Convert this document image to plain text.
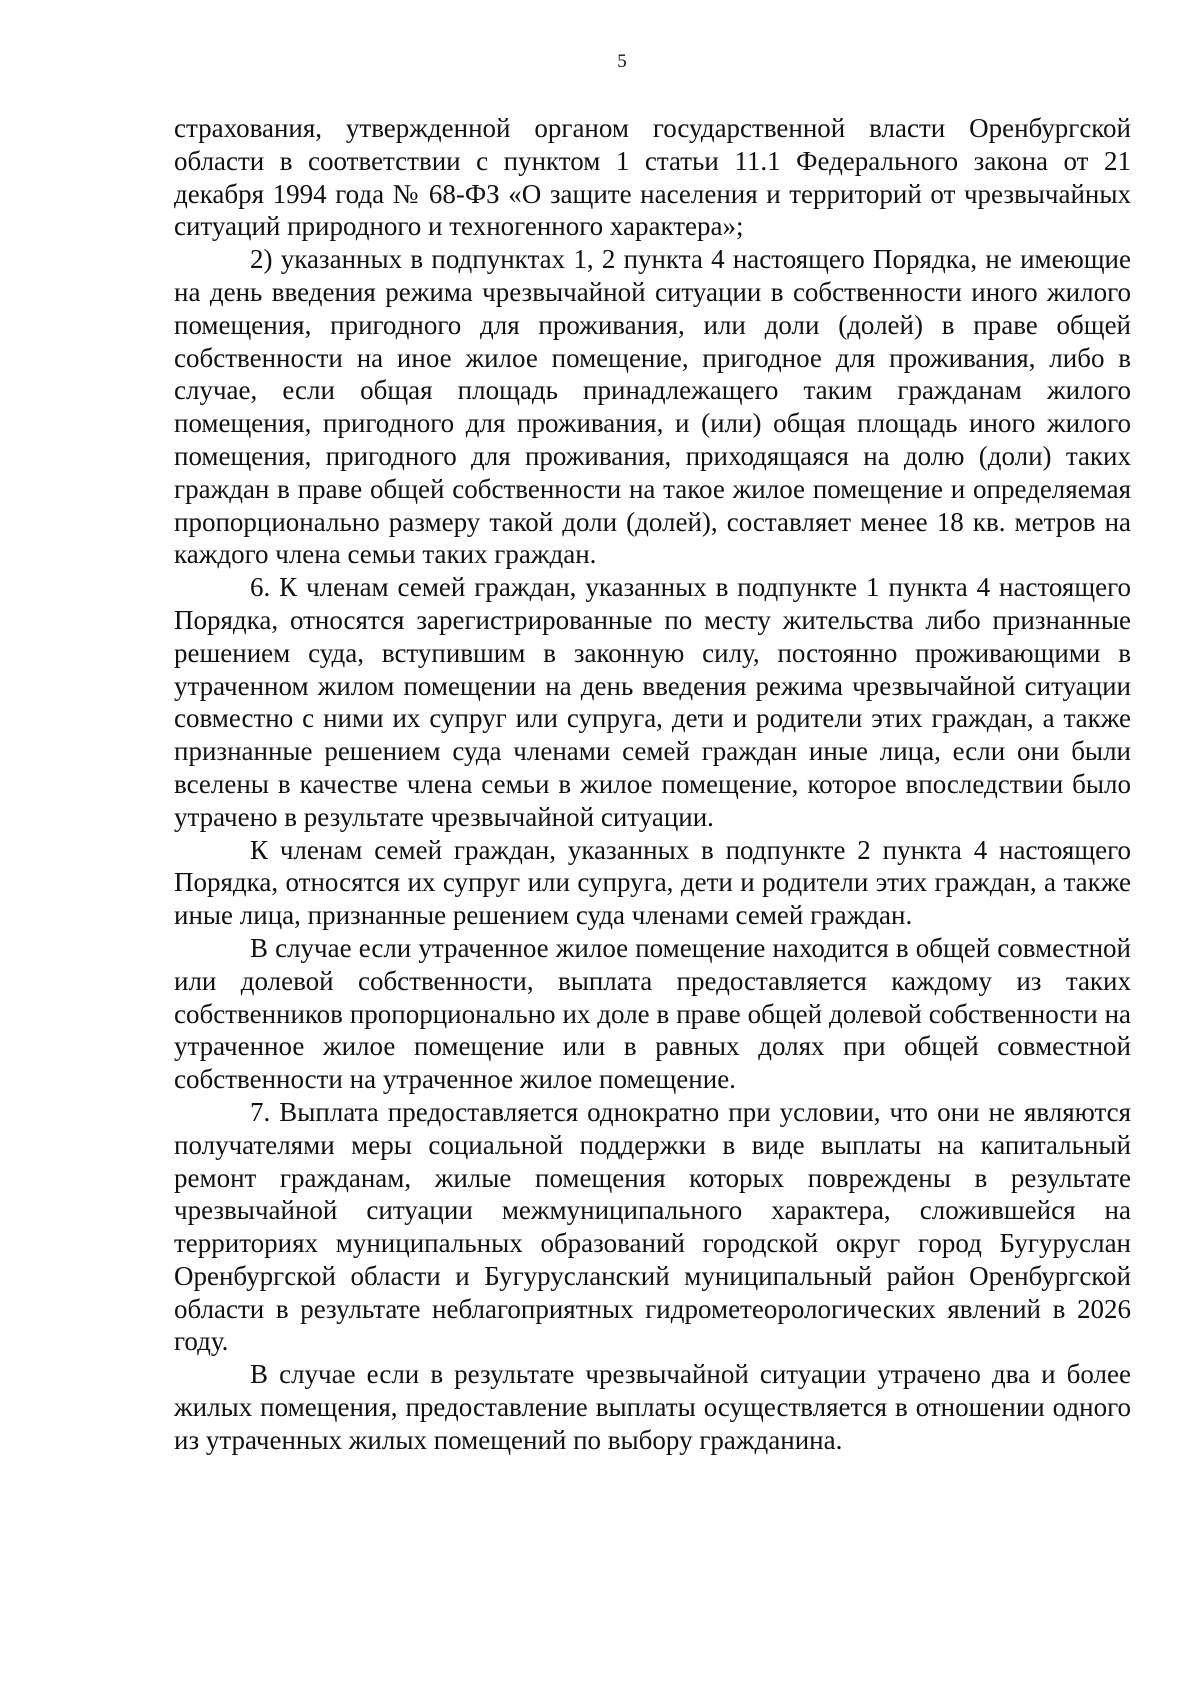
5

страхования, утвержденной органом государственной власти Оренбургской области в соответствии с пунктом 1 статьи 11.1 Федерального закона от 21 декабря 1994 года № 68-ФЗ «О защите населения и территорий от чрезвычайных ситуаций природного и техногенного характера»;

2) указанных в подпунктах 1, 2 пункта 4 настоящего Порядка, не имеющие на день введения режима чрезвычайной ситуации в собственности иного жилого помещения, пригодного для проживания, или доли (долей) в праве общей собственности на иное жилое помещение, пригодное для проживания, либо в случае, если общая площадь принадлежащего таким гражданам жилого помещения, пригодного для проживания, и (или) общая площадь иного жилого помещения, пригодного для проживания, приходящаяся на долю (доли) таких граждан в праве общей собственности на такое жилое помещение и определяемая пропорционально размеру такой доли (долей), составляет менее 18 кв. метров на каждого члена семьи таких граждан.

6. К членам семей граждан, указанных в подпункте 1 пункта 4 настоящего Порядка, относятся зарегистрированные по месту жительства либо признанные решением суда, вступившим в законную силу, постоянно проживающими в утраченном жилом помещении на день введения режима чрезвычайной ситуации совместно с ними их супруг или супруга, дети и родители этих граждан, а также признанные решением суда членами семей граждан иные лица, если они были вселены в качестве члена семьи в жилое помещение, которое впоследствии было утрачено в результате чрезвычайной ситуации.

К членам семей граждан, указанных в подпункте 2 пункта 4 настоящего Порядка, относятся их супруг или супруга, дети и родители этих граждан, а также иные лица, признанные решением суда членами семей граждан.

В случае если утраченное жилое помещение находится в общей совместной или долевой собственности, выплата предоставляется каждому из таких собственников пропорционально их доле в праве общей долевой собственности на утраченное жилое помещение или в равных долях при общей совместной собственности на утраченное жилое помещение.

7. Выплата предоставляется однократно при условии, что они не являются получателями меры социальной поддержки в виде выплаты на капитальный ремонт гражданам, жилые помещения которых повреждены в результате чрезвычайной ситуации межмуниципального характера, сложившейся на территориях муниципальных образований городской округ город Бугуруслан Оренбургской области и Бугурусланский муниципальный район Оренбургской области в результате неблагоприятных гидрометеорологических явлений в 2026 году.

В случае если в результате чрезвычайной ситуации утрачено два и более жилых помещения, предоставление выплаты осуществляется в отношении одного из утраченных жилых помещений по выбору гражданина.
